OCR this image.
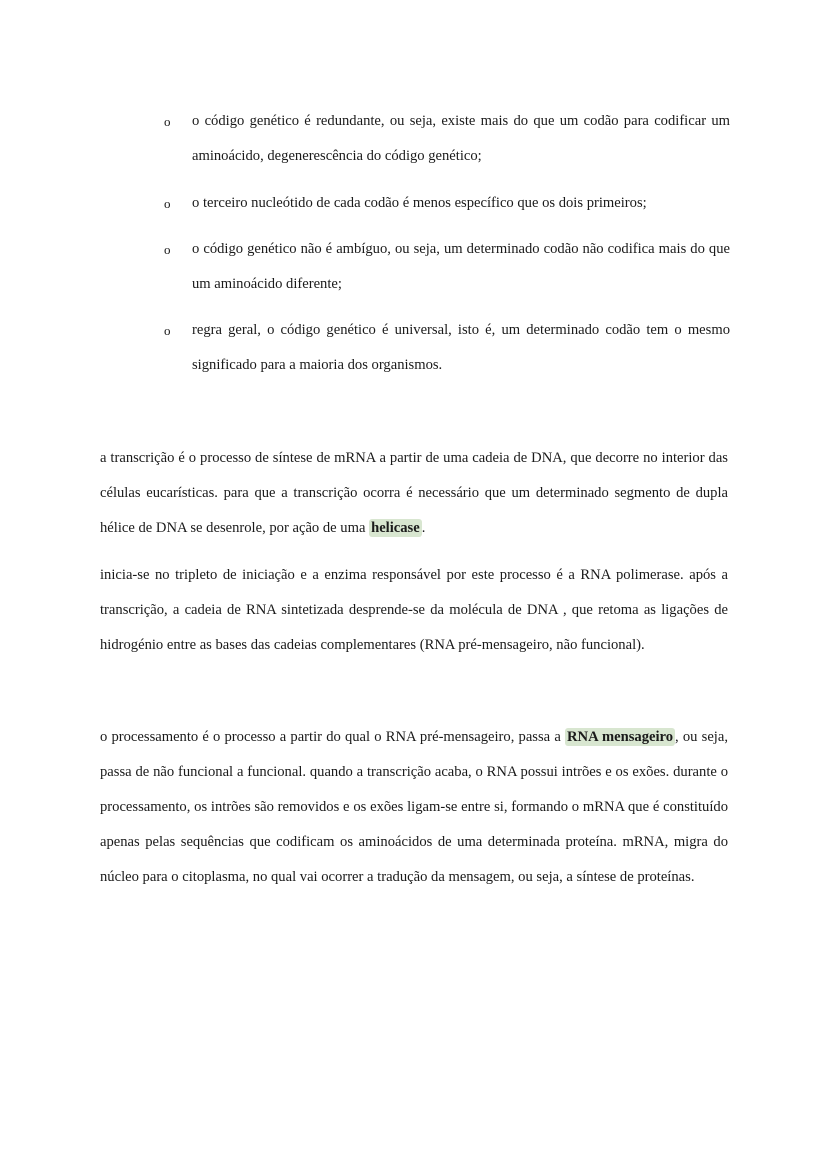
o	o código genético é redundante, ou seja, existe mais do que um codão para codificar um aminoácido, degenerescência do código genético;
o	o terceiro nucleótido de cada codão é menos específico que os dois primeiros;
o	o código genético não é ambíguo, ou seja, um determinado codão não codifica mais do que um aminoácido diferente;
o	regra geral, o código genético é universal, isto é, um determinado codão tem o mesmo significado para a maioria dos organismos.

a transcrição é o processo de síntese de mRNA a partir de uma cadeia de DNA, que decorre no interior das células eucarísticas. para que a transcrição ocorra é necessário que um determinado segmento de dupla hélice de DNA se desenrole, por ação de uma helicase .

inicia-se no tripleto de iniciação e a enzima responsável por este processo é a RNA polimerase. após a transcrição, a cadeia de RNA sintetizada desprende-se da molécula de DNA , que retoma as ligações de hidrogénio entre as bases das cadeias complementares (RNA pré-mensageiro, não funcional).

o processamento é o processo a partir do qual o RNA pré-mensageiro, passa a RNA mensageiro , ou seja, passa de não funcional a funcional. quando a transcrição acaba, o RNA possui intrões e os exões. durante o processamento, os intrões são removidos e os exões ligam-se entre si, formando o mRNA que é constituído apenas pelas sequências que codificam os aminoácidos de uma determinada proteína. mRNA, migra do núcleo para o citoplasma, no qual vai ocorrer a tradução da mensagem, ou seja, a síntese de proteínas.
